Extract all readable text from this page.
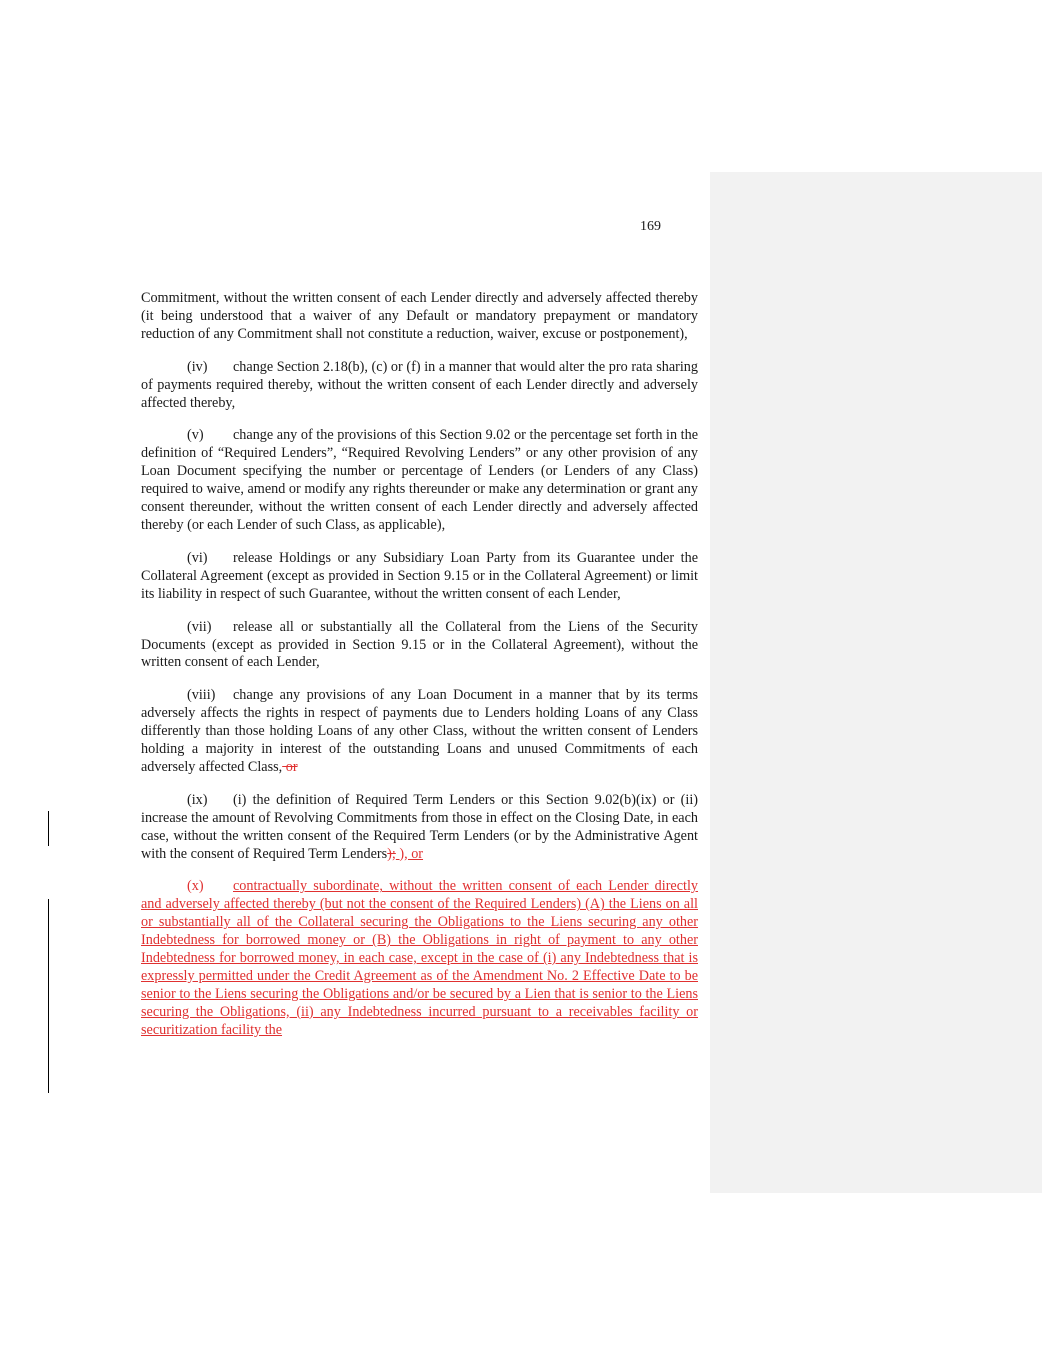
169

Commitment, without the written consent of each Lender directly and adversely affected thereby (it being understood that a waiver of any Default or mandatory prepayment or mandatory reduction of any Commitment shall not constitute a reduction, waiver, excuse or postponement),

(iv) change Section 2.18(b), (c) or (f) in a manner that would alter the pro rata sharing of payments required thereby, without the written consent of each Lender directly and adversely affected thereby,

(v) change any of the provisions of this Section 9.02 or the percentage set forth in the definition of “Required Lenders”, “Required Revolving Lenders” or any other provision of any Loan Document specifying the number or percentage of Lenders (or Lenders of any Class) required to waive, amend or modify any rights thereunder or make any determination or grant any consent thereunder, without the written consent of each Lender directly and adversely affected thereby (or each Lender of such Class, as applicable),

(vi) release Holdings or any Subsidiary Loan Party from its Guarantee under the Collateral Agreement (except as provided in Section 9.15 or in the Collateral Agreement) or limit its liability in respect of such Guarantee, without the written consent of each Lender,

(vii) release all or substantially all the Collateral from the Liens of the Security Documents (except as provided in Section 9.15 or in the Collateral Agreement), without the written consent of each Lender,

(viii) change any provisions of any Loan Document in a manner that by its terms adversely affects the rights in respect of payments due to Lenders holding Loans of any Class differently than those holding Loans of any other Class, without the written consent of Lenders holding a majority in interest of the outstanding Loans and unused Commitments of each adversely affected Class, or

(ix) (i) the definition of Required Term Lenders or this Section 9.02(b)(ix) or (ii) increase the amount of Revolving Commitments from those in effect on the Closing Date, in each case, without the written consent of the Required Term Lenders (or by the Administrative Agent with the consent of Required Term Lenders); ), or

(x) contractually subordinate, without the written consent of each Lender directly and adversely affected thereby (but not the consent of the Required Lenders) (A) the Liens on all or substantially all of the Collateral securing the Obligations to the Liens securing any other Indebtedness for borrowed money or (B) the Obligations in right of payment to any other Indebtedness for borrowed money, in each case, except in the case of (i) any Indebtedness that is expressly permitted under the Credit Agreement as of the Amendment No. 2 Effective Date to be senior to the Liens securing the Obligations and/or be secured by a Lien that is senior to the Liens securing the Obligations, (ii) any Indebtedness incurred pursuant to a receivables facility or securitization facility the
